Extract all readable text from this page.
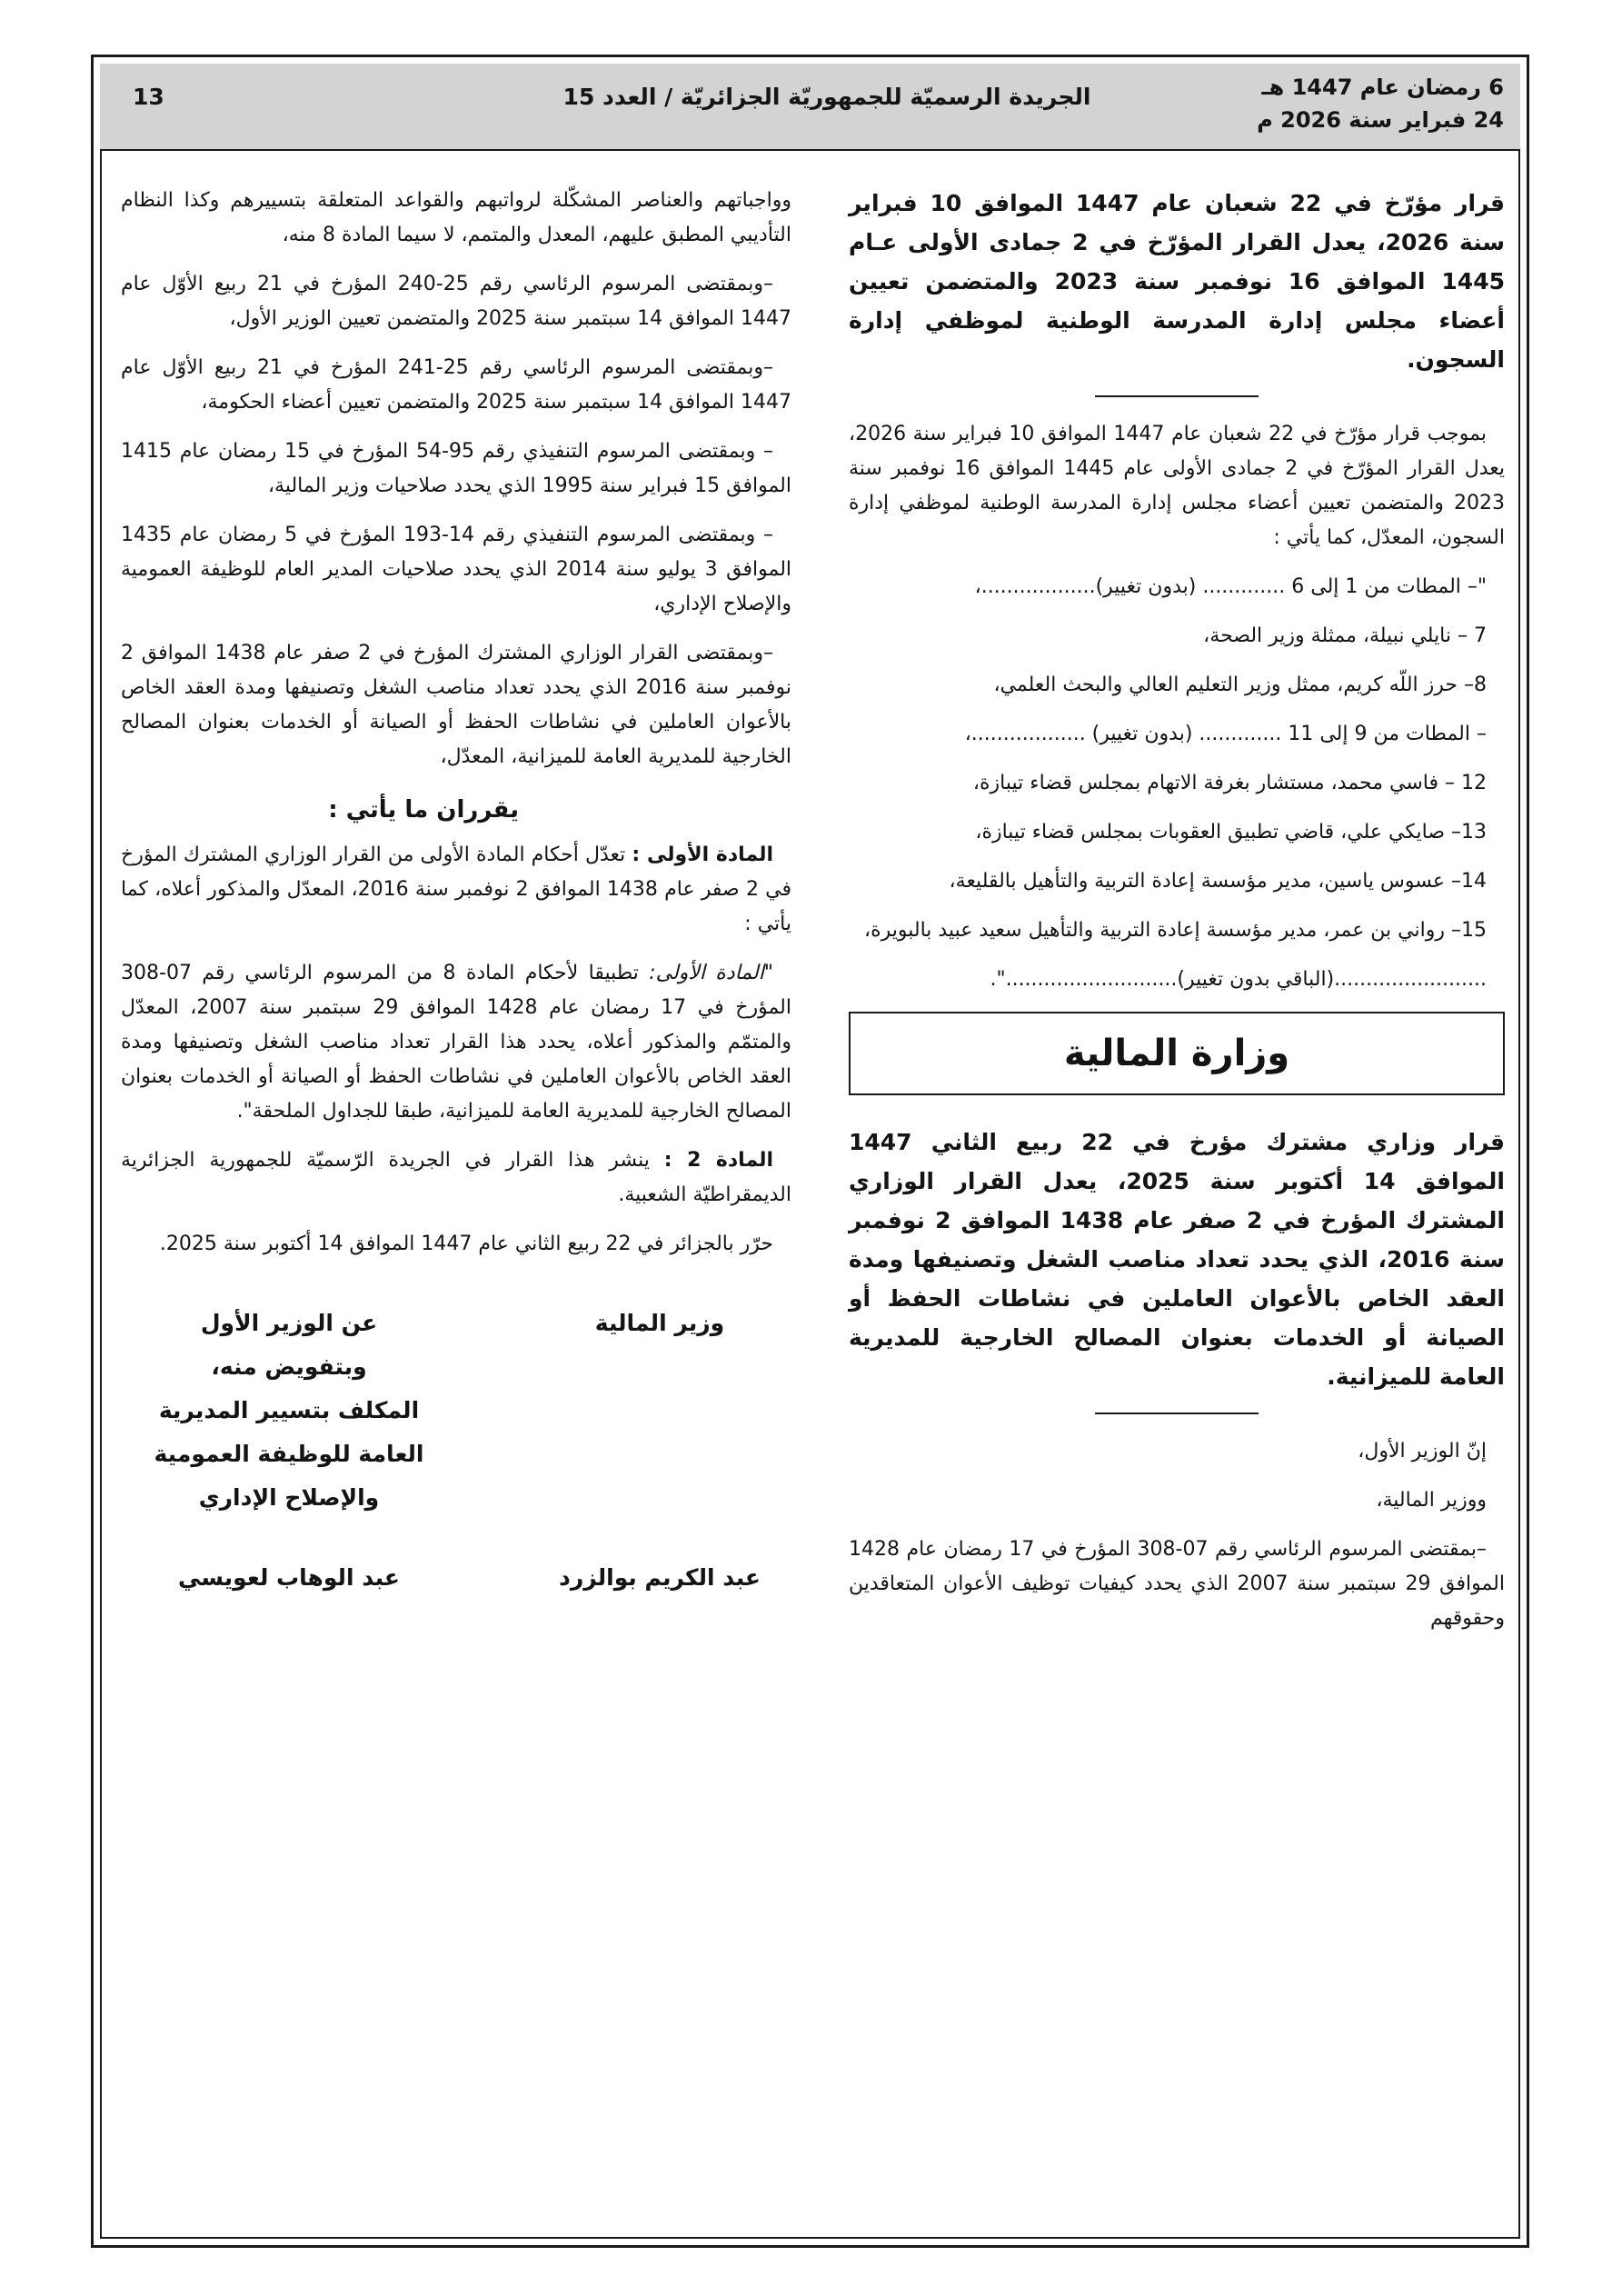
6 رمضان عام 1447 هـ
24 فبراير سنة 2026 م
الجريدة الرسميّة للجمهوريّة الجزائريّة / العدد 15
13

قرار مؤرّخ في 22 شعبان عام 1447 الموافق 10 فبراير سنة 2026، يعدل القرار المؤرّخ في 2 جمادى الأولى عـام 1445 الموافق 16 نوفمبر سنة 2023 والمتضمن تعيين أعضاء مجلس إدارة المدرسة الوطنية لموظفي إدارة السجون.

بموجب قرار مؤرّخ في 22 شعبان عام 1447 الموافق 10 فبراير سنة 2026، يعدل القرار المؤرّخ في 2 جمادى الأولى عام 1445 الموافق 16 نوفمبر سنة 2023 والمتضمن تعيين أعضاء مجلس إدارة المدرسة الوطنية لموظفي إدارة السجون، المعدّل، كما يأتي :

"– المطات من 1 إلى 6 ............. (بدون تغيير)..................،

7 – نايلي نبيلة، ممثلة وزير الصحة،

8– حرز اللّه كريم، ممثل وزير التعليم العالي والبحث العلمي،

– المطات من 9 إلى 11 ............. (بدون تغيير) ..................،

12 – فاسي محمد، مستشار بغرفة الاتهام بمجلس قضاء تيبازة،

13– صايكي علي، قاضي تطبيق العقوبات بمجلس قضاء تيبازة،

14– عسوس ياسين، مدير مؤسسة إعادة التربية والتأهيل بالقليعة،

15– رواني بن عمر، مدير مؤسسة إعادة التربية والتأهيل سعيد عبيد بالبويرة،

........................(الباقي بدون تغيير)...........................".

وزارة المالية

قرار وزاري مشترك مؤرخ في 22 ربيع الثاني 1447 الموافق 14 أكتوبر سنة 2025، يعدل القرار الوزاري المشترك المؤرخ في 2 صفر عام 1438 الموافق 2 نوفمبر سنة 2016، الذي يحدد تعداد مناصب الشغل وتصنيفها ومدة العقد الخاص بالأعوان العاملين في نشاطات الحفظ أو الصيانة أو الخدمات بعنوان المصالح الخارجية للمديرية العامة للميزانية.

إنّ الوزير الأول،

ووزير المالية،

–بمقتضى المرسوم الرئاسي رقم 07-308 المؤرخ في 17 رمضان عام 1428 الموافق 29 سبتمبر سنة 2007 الذي يحدد كيفيات توظيف الأعوان المتعاقدين وحقوقهم

وواجباتهم والعناصر المشكّلة لرواتبهم والقواعد المتعلقة بتسييرهم وكذا النظام التأديبي المطبق عليهم، المعدل والمتمم، لا سيما المادة 8 منه،

–وبمقتضى المرسوم الرئاسي رقم 25-240 المؤرخ في 21 ربيع الأوّل عام 1447 الموافق 14 سبتمبر سنة 2025 والمتضمن تعيين الوزير الأول،

–وبمقتضى المرسوم الرئاسي رقم 25-241 المؤرخ في 21 ربيع الأوّل عام 1447 الموافق 14 سبتمبر سنة 2025 والمتضمن تعيين أعضاء الحكومة،

– وبمقتضى المرسوم التنفيذي رقم 95-54 المؤرخ في 15 رمضان عام 1415 الموافق 15 فبراير سنة 1995 الذي يحدد صلاحيات وزير المالية،

– وبمقتضى المرسوم التنفيذي رقم 14-193 المؤرخ في 5 رمضان عام 1435 الموافق 3 يوليو سنة 2014 الذي يحدد صلاحيات المدير العام للوظيفة العمومية والإصلاح الإداري،

–وبمقتضى القرار الوزاري المشترك المؤرخ في 2 صفر عام 1438 الموافق 2 نوفمبر سنة 2016 الذي يحدد تعداد مناصب الشغل وتصنيفها ومدة العقد الخاص بالأعوان العاملين في نشاطات الحفظ أو الصيانة أو الخدمات بعنوان المصالح الخارجية للمديرية العامة للميزانية، المعدّل،

يقرران ما يأتي :

المادة الأولى : تعدّل أحكام المادة الأولى من القرار الوزاري المشترك المؤرخ في 2 صفر عام 1438 الموافق 2 نوفمبر سنة 2016، المعدّل والمذكور أعلاه، كما يأتي :

"المادة الأولى: تطبيقا لأحكام المادة 8 من المرسوم الرئاسي رقم 07-308 المؤرخ في 17 رمضان عام 1428 الموافق 29 سبتمبر سنة 2007، المعدّل والمتمّم والمذكور أعلاه، يحدد هذا القرار تعداد مناصب الشغل وتصنيفها ومدة العقد الخاص بالأعوان العاملين في نشاطات الحفظ أو الصيانة أو الخدمات بعنوان المصالح الخارجية للمديرية العامة للميزانية، طبقا للجداول الملحقة".

المادة 2 : ينشر هذا القرار في الجريدة الرّسميّة للجمهورية الجزائرية الديمقراطيّة الشعبية.

حرّر بالجزائر في 22 ربيع الثاني عام 1447 الموافق 14 أكتوبر سنة 2025.

وزير المالية
عبد الكريم بوالزرد
عن الوزير الأول
وبتفويض منه،
المكلف بتسيير المديرية
العامة للوظيفة العمومية
والإصلاح الإداري
عبد الوهاب لعويسي
